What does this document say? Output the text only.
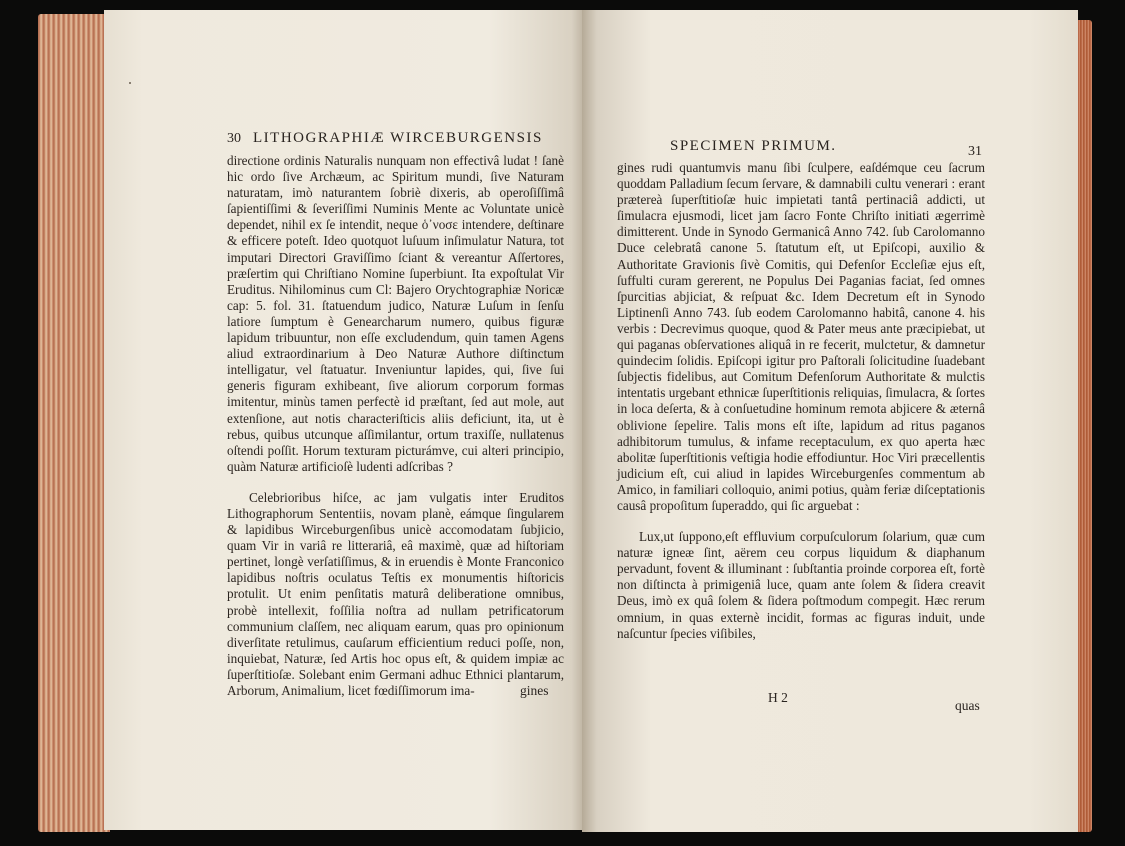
30 LITHOGRAPHIÆ WIRCEBURGENSIS

directione ordinis Naturalis nunquam non effectivâ ludat ! ſanè hic ordo ſive Archæum, ac Spiritum mundi, ſive Naturam naturatam, imò naturantem ſobriè dixeris, ab operoſiſſimâ ſapientiſſimi & ſeveriſſimi Numinis Mente ac Voluntate unicè dependet, nihil ex ſe intendit, neque ὁ᾽νοσε intendere, deſtinare & efficere poteſt. Ideo quotquot luſuum inſimulatur Natura, tot imputari Directori Graviſſimo ſciant & vereantur Aſſertores, præſertim qui Chriſtiano Nomine ſuperbiunt. Ita expoſtulat Vir Eruditus. Nihilominus cum Cl: Bajero Orychtographiæ Noricæ cap: 5. fol. 31. ſtatuendum judico, Naturæ Luſum in ſenſu latiore ſumptum è Genearcharum numero, quibus figuræ lapidum tribuuntur, non eſſe excludendum, quin tamen Agens aliud extraordinarium à Deo Naturæ Authore diſtinctum intelligatur, vel ſtatuatur. Inveniuntur lapides, qui, ſive ſui generis figuram exhibeant, ſive aliorum corporum formas imitentur, minùs tamen perfectè id præſtant, ſed aut mole, aut extenſione, aut notis characteriſticis aliis deficiunt, ita, ut è rebus, quibus utcunque aſſimilantur, ortum traxiſſe, nullatenus oſtendi poſſit. Horum texturam picturámve, cui alteri principio, quàm Naturæ artificioſè ludenti adſcribas ?

Celebrioribus hiſce, ac jam vulgatis inter Eruditos Lithographorum Sententiis, novam planè, eámque ſingularem & lapidibus Wirceburgenſibus unicè accomodatam ſubjicio, quam Vir in variâ re litterariâ, eâ maximè, quæ ad hiſtoriam pertinet, longè verſatiſſimus, & in eruendis è Monte Franconico lapidibus noſtris oculatus Teſtis ex monumentis hiſtoricis protulit. Ut enim penſitatis maturâ deliberatione omnibus, probè intellexit, foſſilia noſtra ad nullam petrificatorum communium claſſem, nec aliquam earum, quas pro opinionum diverſitate retulimus, cauſarum efficientium reduci poſſe, non, inquiebat, Naturæ, ſed Artis hoc opus eſt, & quidem impiæ ac ſuperſtitioſæ. Solebant enim Germani adhuc Ethnici plantarum, Arborum, Animalium, licet fœdiſſimorum ima-	gines
SPECIMEN PRIMUM.	31

gines rudi quantumvis manu ſibi ſculpere, eaſdémque ceu ſacrum quoddam Palladium ſecum ſervare, & damnabili cultu venerari : erant prætereà ſuperſtitioſæ huic impietati tantâ pertinaciâ addicti, ut ſimulacra ejusmodi, licet jam ſacro Fonte Chriſto initiati ægerrimè dimitterent. Unde in Synodo Germanicâ Anno 742. ſub Carolomanno Duce celebratâ canone 5. ſtatutum eſt, ut Epiſcopi, auxilio & Authoritate Gravionis ſivè Comitis, qui Defenſor Eccleſiæ ejus eſt, ſuffulti curam gererent, ne Populus Dei Paganias faciat, ſed omnes ſpurcitias abjiciat, & reſpuat &c. Idem Decretum eſt in Synodo Liptinenſi Anno 743. ſub eodem Carolomanno habitâ, canone 4. his verbis : Decrevimus quoque, quod & Pater meus ante præcipiebat, ut qui paganas obſervationes aliquâ in re fecerit, mulctetur, & damnetur quindecim ſolidis. Epiſcopi igitur pro Paſtorali ſolicitudine ſuadebant ſubjectis fidelibus, aut Comitum Defenſorum Authoritate & mulctis intentatis urgebant ethnicæ ſuperſtitionis reliquias, ſimulacra, & ſortes in loca deſerta, & à conſuetudine hominum remota abjicere & æternâ oblivione ſepelire. Talis mons eſt iſte, lapidum ad ritus paganos adhibitorum tumulus, & infame receptaculum, ex quo aperta hæc abolitæ ſuperſtitionis veſtigia hodie effodiuntur. Hoc Viri præcellentis judicium eſt, cui aliud in lapides Wirceburgenſes commentum ab Amico, in familiari colloquio, animi potius, quàm feriæ diſceptationis causâ propoſitum ſuperaddo, qui ſic arguebat :

Lux,ut ſuppono,eſt effluvium corpuſculorum ſolarium, quæ cum naturæ igneæ ſint, aërem ceu corpus liquidum & diaphanum pervadunt, fovent & illuminant : ſubſtantia proinde corporea eſt, fortè non diſtincta à primigeniâ luce, quam ante ſolem & ſidera creavit Deus, imò ex quâ ſolem & ſidera poſtmodum compegit. Hæc rerum omnium, in quas externè incidit, formas ac figuras induit, unde naſcuntur ſpecies viſibiles,

H 2
quas
